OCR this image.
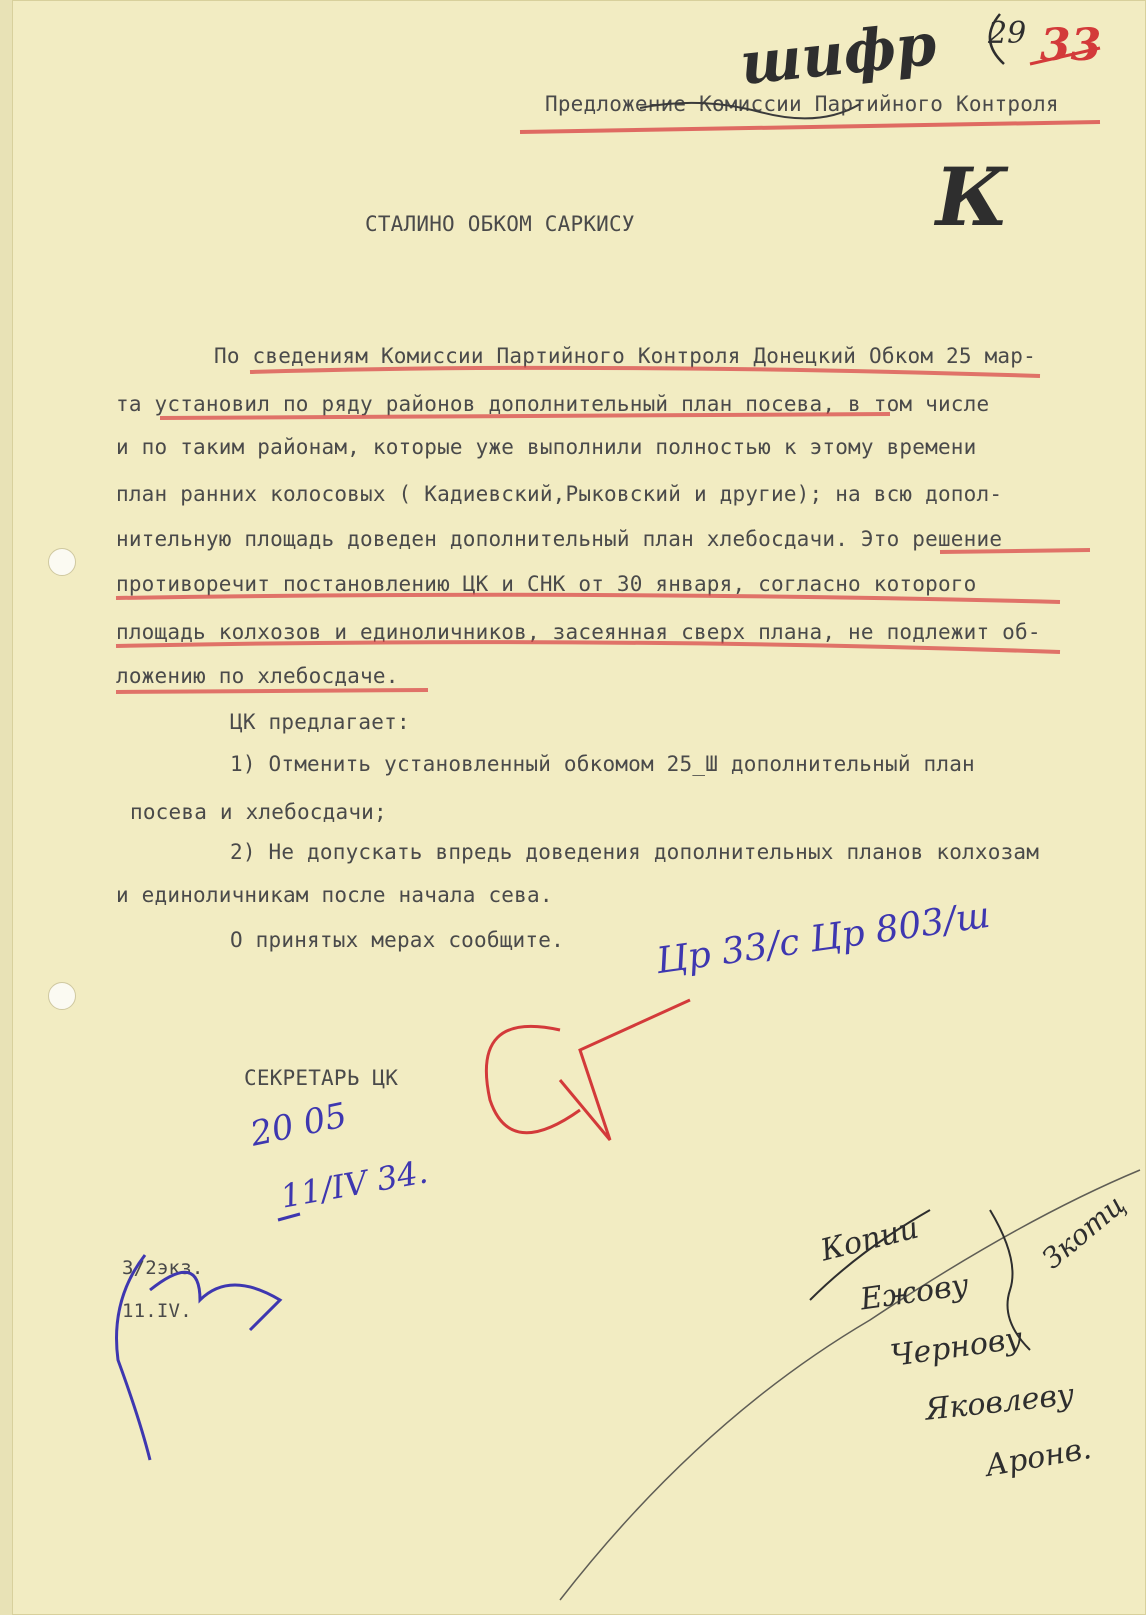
шифр 29 33
Предложение Комиссии Партийного Контроля
К
СТАЛИНО ОБКОМ САРКИСУ
По сведениям Комиссии Партийного Контроля Донецкий Обком 25 мар-
та установил по ряду районов дополнительный план посева, в том числе
и по таким районам, которые уже выполнили полностью к этому времени
план ранних колосовых ( Кадиевский,Рыковский и другие); на всю допол-
нительную площадь доведен дополнительный план хлебосдачи. Это решение
противоречит постановлению ЦК и СНК от 30 января, согласно которого
площадь колхозов и единоличников, засеянная сверх плана, не подлежит об-
ложению по хлебосдаче.
ЦК предлагает:
1) Отменить установленный обкомом 25_Ш дополнительный план
посева и хлебосдачи;
2) Не допускать впредь доведения дополнительных планов колхозам
и единоличникам после начала сева.
О принятых мерах сообщите. Цр 33/с Цр 803/ш
СЕКРЕТАРЬ ЦК
20 05
11/IV 34.
3/2экз.
11.IV.
Копии
Ежову
Чернову
Яковлеву
Аронв.
Зкотц
